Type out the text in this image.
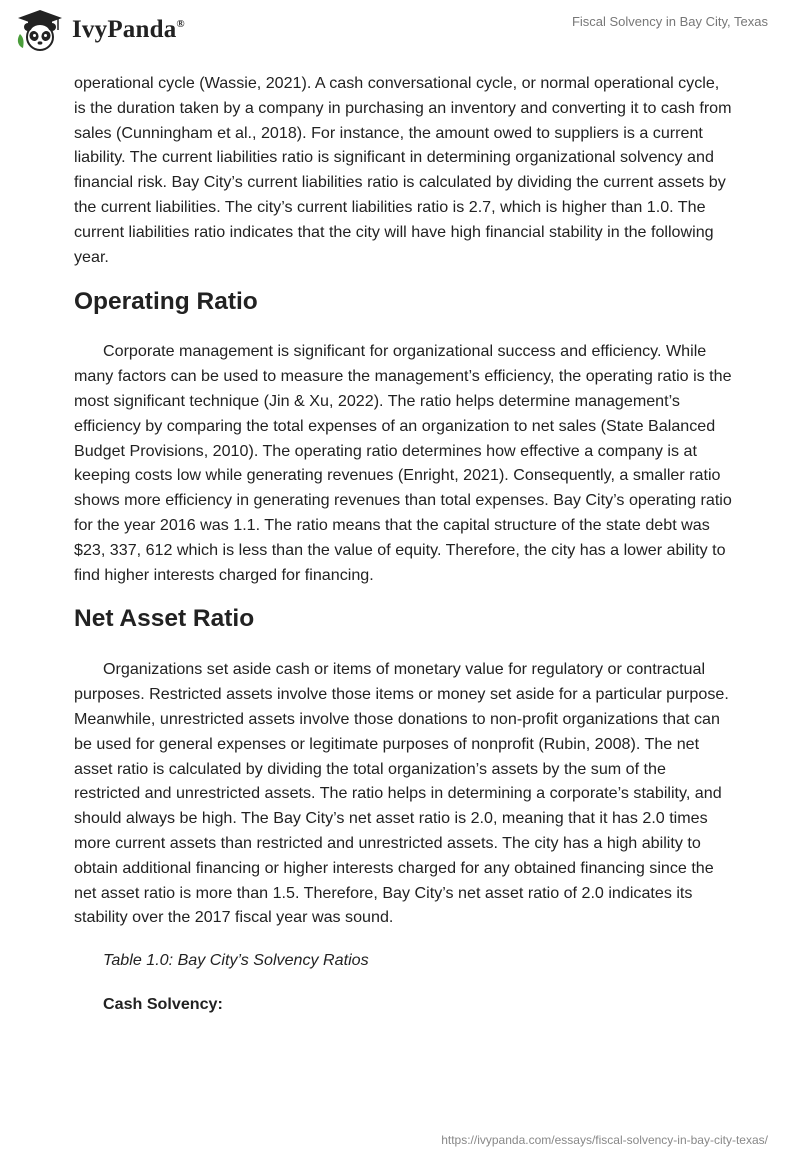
IvyPanda®	Fiscal Solvency in Bay City, Texas

operational cycle (Wassie, 2021). A cash conversational cycle, or normal operational cycle, is the duration taken by a company in purchasing an inventory and converting it to cash from sales (Cunningham et al., 2018). For instance, the amount owed to suppliers is a current liability. The current liabilities ratio is significant in determining organizational solvency and financial risk. Bay City’s current liabilities ratio is calculated by dividing the current assets by the current liabilities. The city’s current liabilities ratio is 2.7, which is higher than 1.0. The current liabilities ratio indicates that the city will have high financial stability in the following year.

Operating Ratio

Corporate management is significant for organizational success and efficiency. While many factors can be used to measure the management’s efficiency, the operating ratio is the most significant technique (Jin & Xu, 2022). The ratio helps determine management’s efficiency by comparing the total expenses of an organization to net sales (State Balanced Budget Provisions, 2010). The operating ratio determines how effective a company is at keeping costs low while generating revenues (Enright, 2021). Consequently, a smaller ratio shows more efficiency in generating revenues than total expenses. Bay City’s operating ratio for the year 2016 was 1.1. The ratio means that the capital structure of the state debt was $23, 337, 612 which is less than the value of equity. Therefore, the city has a lower ability to find higher interests charged for financing.

Net Asset Ratio

Organizations set aside cash or items of monetary value for regulatory or contractual purposes. Restricted assets involve those items or money set aside for a particular purpose. Meanwhile, unrestricted assets involve those donations to non-profit organizations that can be used for general expenses or legitimate purposes of nonprofit (Rubin, 2008). The net asset ratio is calculated by dividing the total organization’s assets by the sum of the restricted and unrestricted assets. The ratio helps in determining a corporate’s stability, and should always be high. The Bay City’s net asset ratio is 2.0, meaning that it has 2.0 times more current assets than restricted and unrestricted assets. The city has a high ability to obtain additional financing or higher interests charged for any obtained financing since the net asset ratio is more than 1.5. Therefore, Bay City’s net asset ratio of 2.0 indicates its stability over the 2017 fiscal year was sound.

Table 1.0: Bay City’s Solvency Ratios
Cash Solvency:
https://ivypanda.com/essays/fiscal-solvency-in-bay-city-texas/
